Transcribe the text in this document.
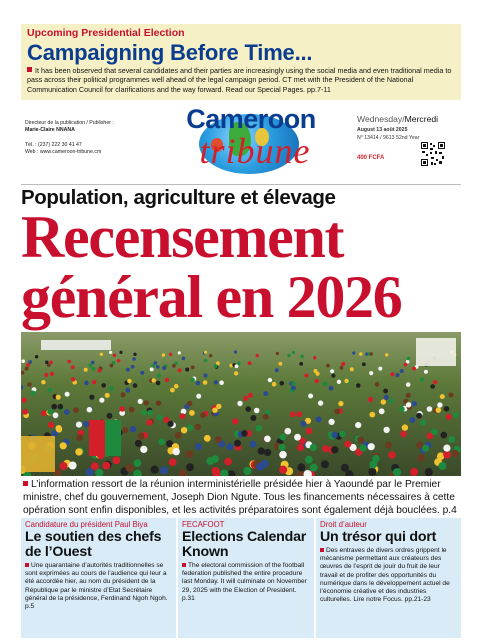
Upcoming Presidential Election
Campaigning Before Time...
It has been observed that several candidates and their parties are increasingly using the social media and even traditional media to pass across their political programmes well ahead of the legal campaign period. CT met with the President of the National Communication Council for clarifications and the way forward. Read our Special Pages. pp.7-11
Directeur de la publication / Publisher :
Marie-Claire NNANA
Tél. : (237) 222 30 41 47
Web : www.cameroon-tribune.cm
Cameroon
tribune
Wednesday/Mercredi
August 13 août 2025
N° 13414 / 9613 52nd Year
400 FCFA
Population, agriculture et élevage
Recensement
général en 2026
L’information ressort de la réunion interministérielle présidée hier à Yaoundé par le Premier ministre, chef du gouvernement, Joseph Dion Ngute. Tous les financements nécessaires à cette opération sont enfin disponibles, et les activités préparatoires sont également déjà bouclées. p.4
Candidature du président Paul Biya
Le soutien des chefs de l’Ouest
Une quarantaine d’autorités traditionnelles se sont exprimées au cours de l’audience qui leur a été accordée hier, au nom du président de la République par le ministre d’Etat Secrétaire général de la présidence, Ferdinand Ngoh Ngoh. p.5
FECAFOOT
Elections Calendar Known
The electoral commission of the football federation published the entire procedure last Monday. It will culminate on November 29, 2025 with the Election of President. p.31
Droit d’auteur
Un trésor qui dort
Des entraves de divers ordres grippent le mécanisme permettant aux créateurs des œuvres de l’esprit de jouir du fruit de leur travail et de profiter des opportunités du numérique dans le développement actuel de l’économie créative et des industries culturelles. Lire notre Focus. pp.21-23
